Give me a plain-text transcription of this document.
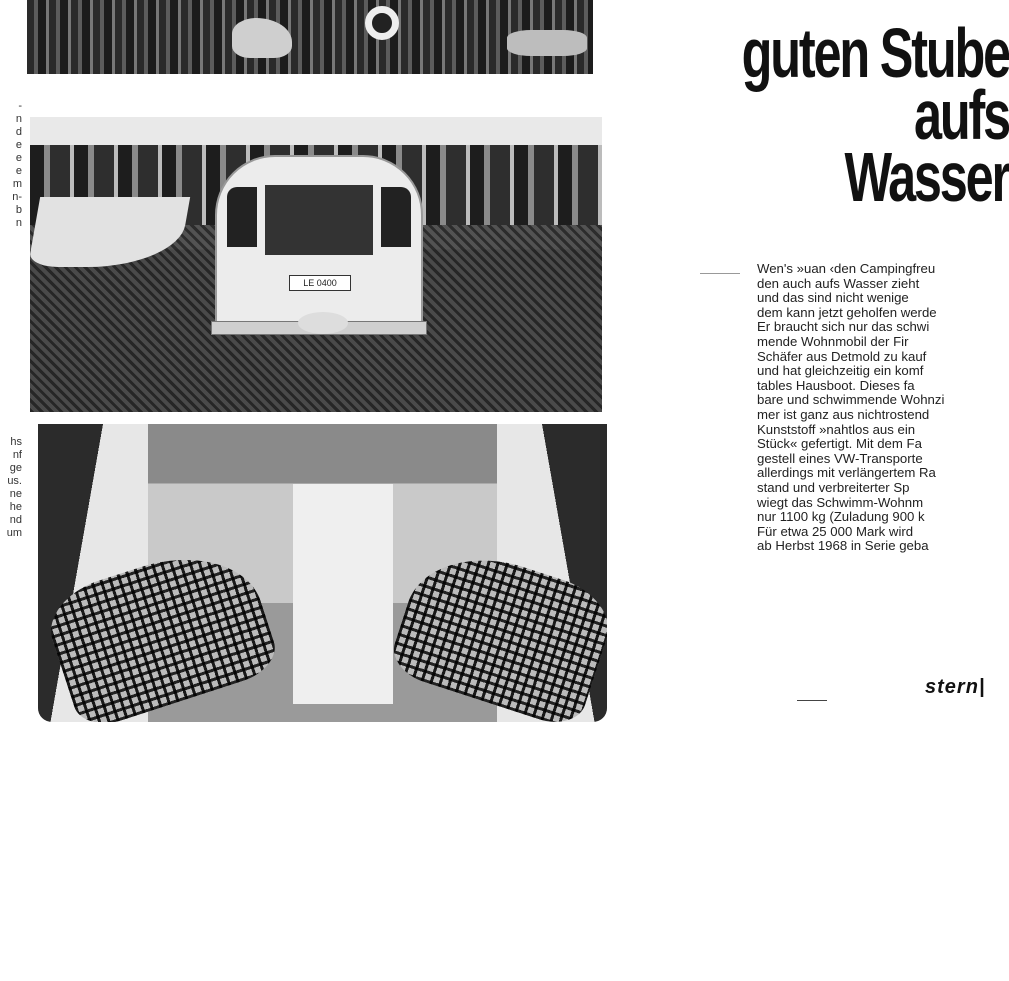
LE 0400
-
n
d
e
e
e
m
n-
b
n
hs
nf
ge
us.
ne
he
nd
um
guten Stube
aufs
Wasser
Wen's »uan ‹den Campingfreu
den auch aufs Wasser zieht
und das sind nicht wenige
dem kann jetzt geholfen werde
Er braucht sich nur das schwi
mende Wohnmobil der Fir
Schäfer aus Detmold zu kauf
und hat gleichzeitig ein komf
tables Hausboot. Dieses fa
bare und schwimmende Wohnzi
mer ist ganz aus nichtrostend
Kunststoff »nahtlos aus ein
Stück« gefertigt. Mit dem Fa
gestell eines VW-Transporte
allerdings mit verlängertem Ra
stand und verbreiterter Sp
wiegt das Schwimm-Wohnm
nur 1100 kg (Zuladung 900 k
Für etwa 25 000 Mark wird
ab Herbst 1968 in Serie geba
stern|
